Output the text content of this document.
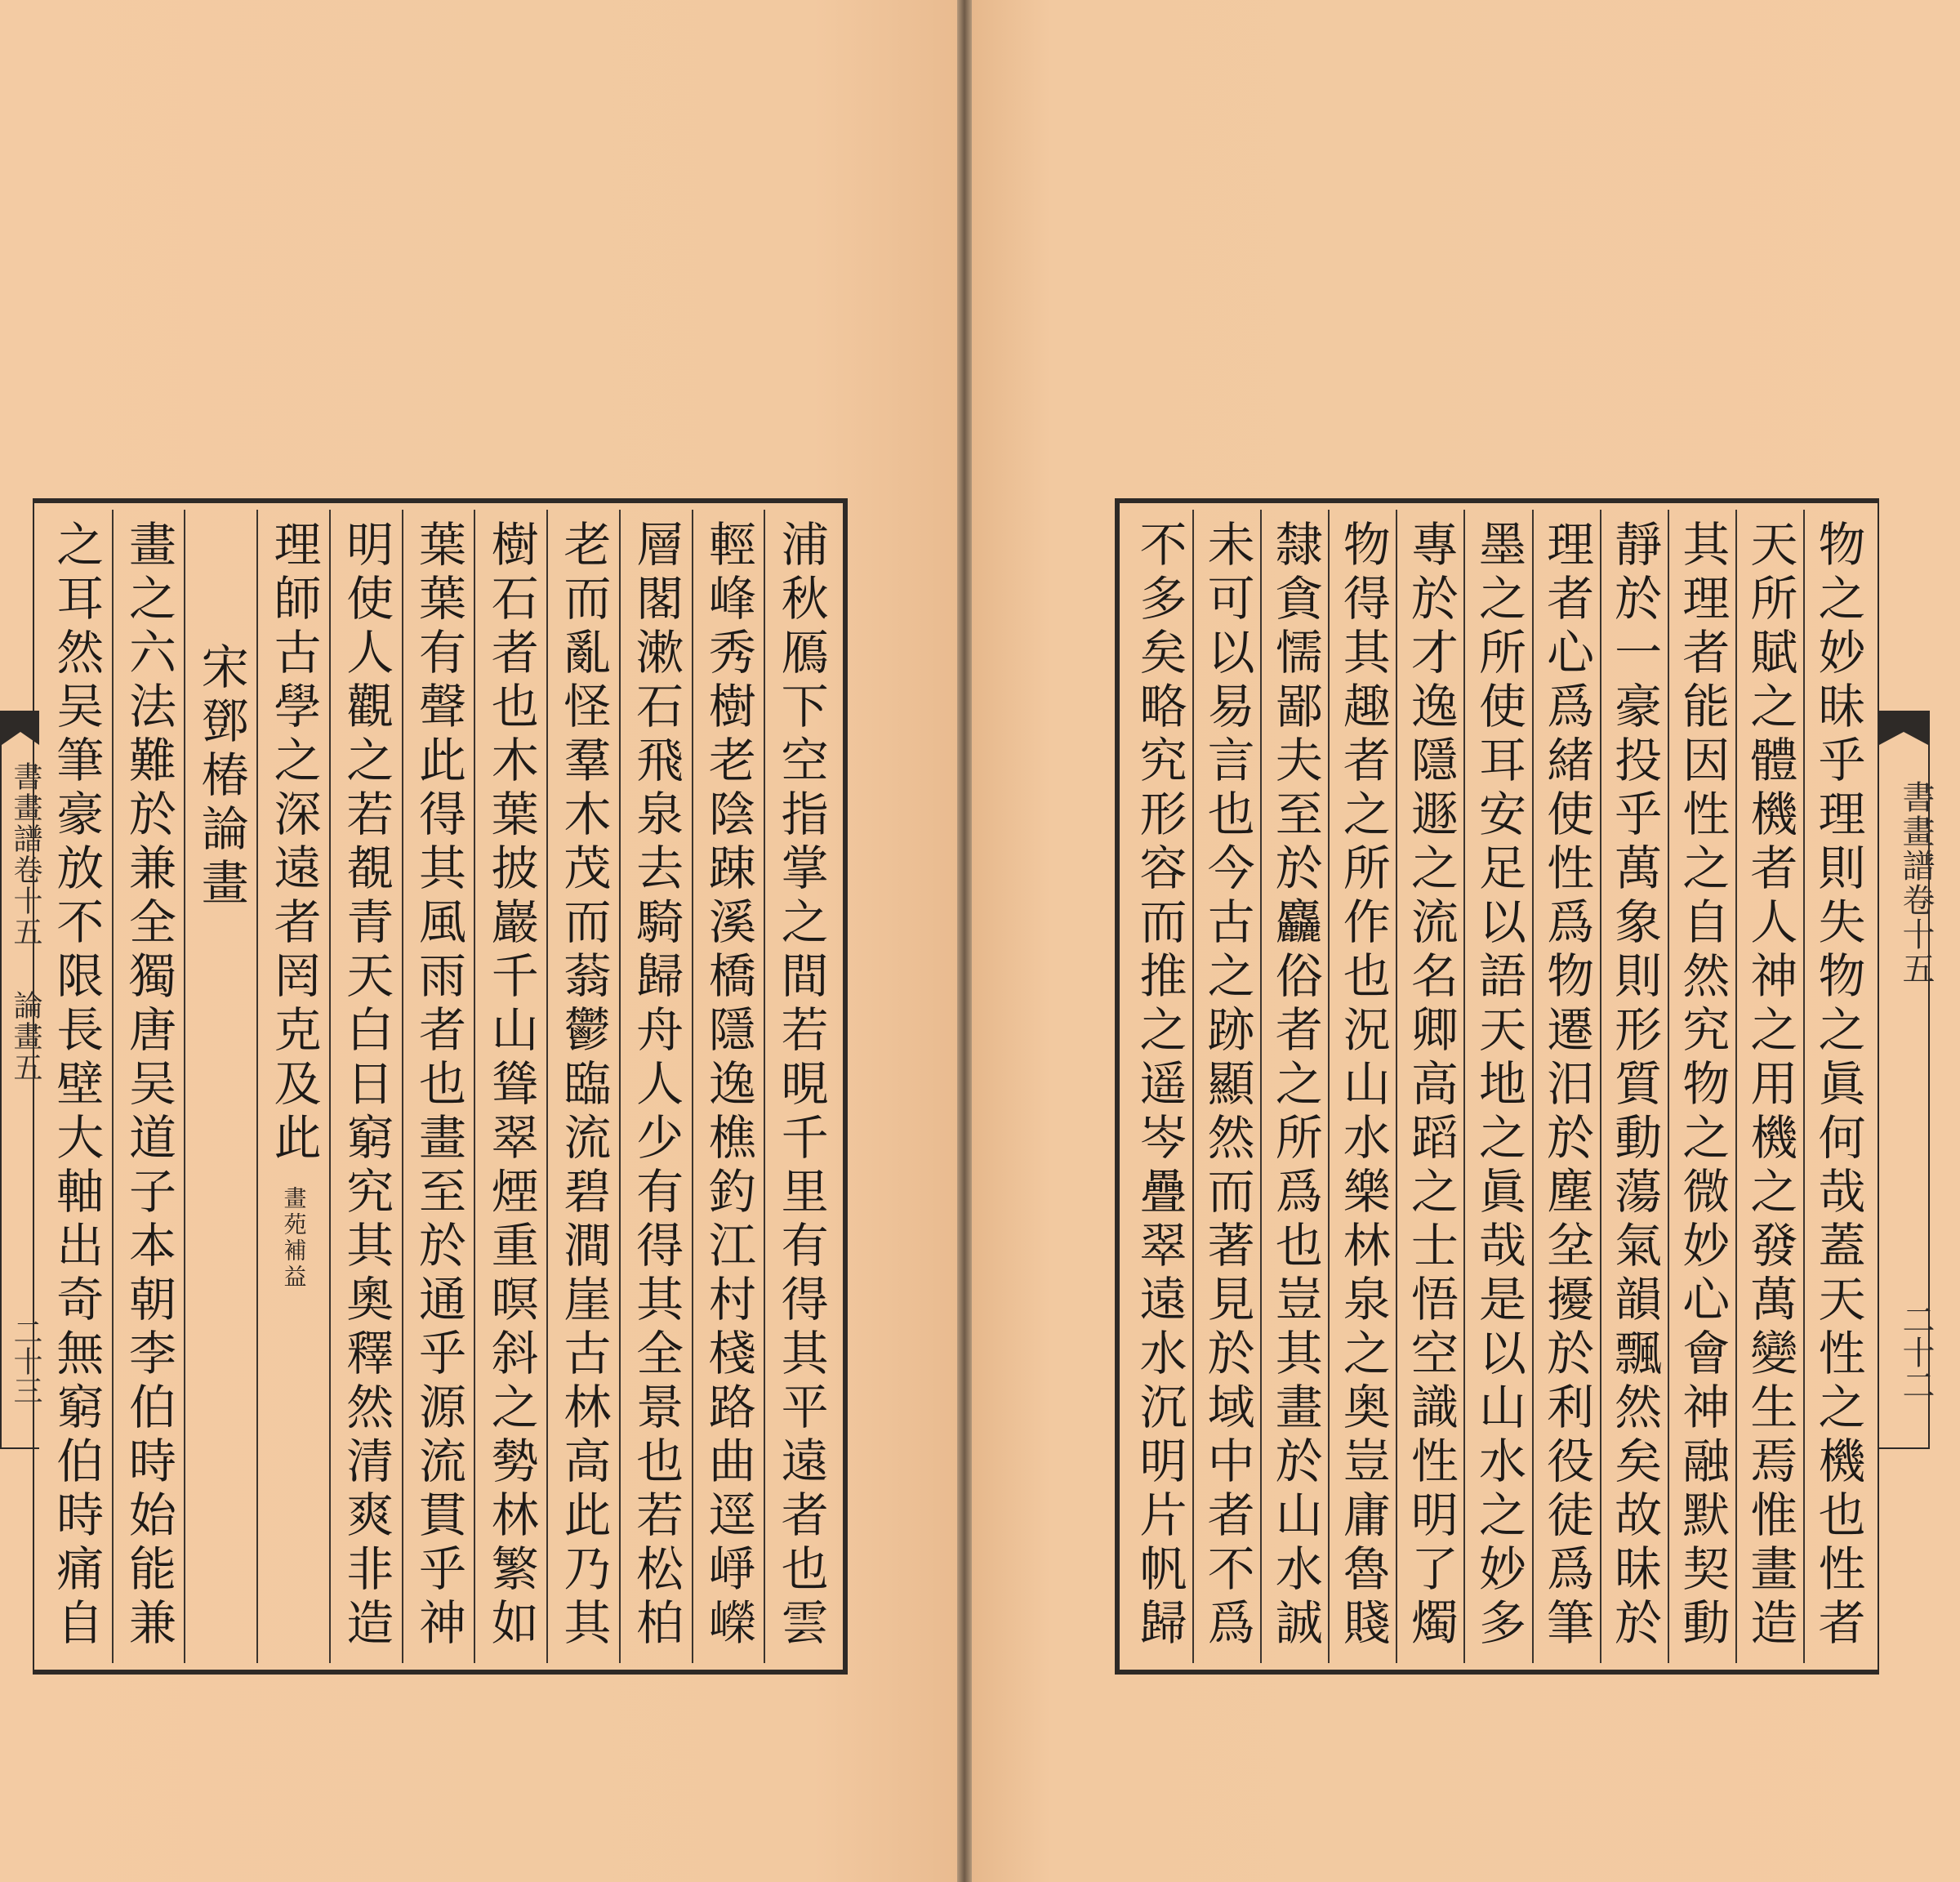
浦秋鴈下空指掌之間若晛千里有得其平遠者也雲
輕峰秀樹老陰踈溪橋隱逸樵釣江村棧路曲逕崢嶸
層閣漱石飛泉去騎歸舟人少有得其全景也若松柏
老而亂怪羣木茂而蓊鬱臨流碧澗崖古林高此乃其
樹石者也木葉披巖千山聳翠煙重暝斜之勢林繁如
葉葉有聲此得其風雨者也畫至於通乎源流貫乎神
明使人觀之若覩青天白日窮究其奧釋然清爽非造
理師古學之深遠者罔克及此
畫苑補益
宋鄧椿論畫
畫之六法難於兼全獨唐吴道子本朝李伯時始能兼
之耳然吴筆豪放不限長壁大軸出奇無窮伯時痛自
書畫譜卷十五
論畫五
二十三	物之妙昧乎理則失物之眞何哉蓋天性之機也性者
天所賦之體機者人神之用機之發萬變生焉惟畫造
其理者能因性之自然究物之微妙心會神融默契動
靜於一豪投乎萬象則形質動蕩氣韻飄然矣故昧於
理者心爲緒使性爲物遷汨於塵坌擾於利役徒爲筆
墨之所使耳安足以語天地之眞哉是以山水之妙多
專於才逸隱遯之流名卿高蹈之士悟空識性明了燭
物得其趣者之所作也況山水樂林泉之奥豈庸魯賤
隸貪懦鄙夫至於麤俗者之所爲也豈其畫於山水誠
未可以易言也今古之跡顯然而著見於域中者不爲
不多矣略究形容而推之遥岑疊翠遠水沉明片帆歸	書畫譜卷十五
二十二
